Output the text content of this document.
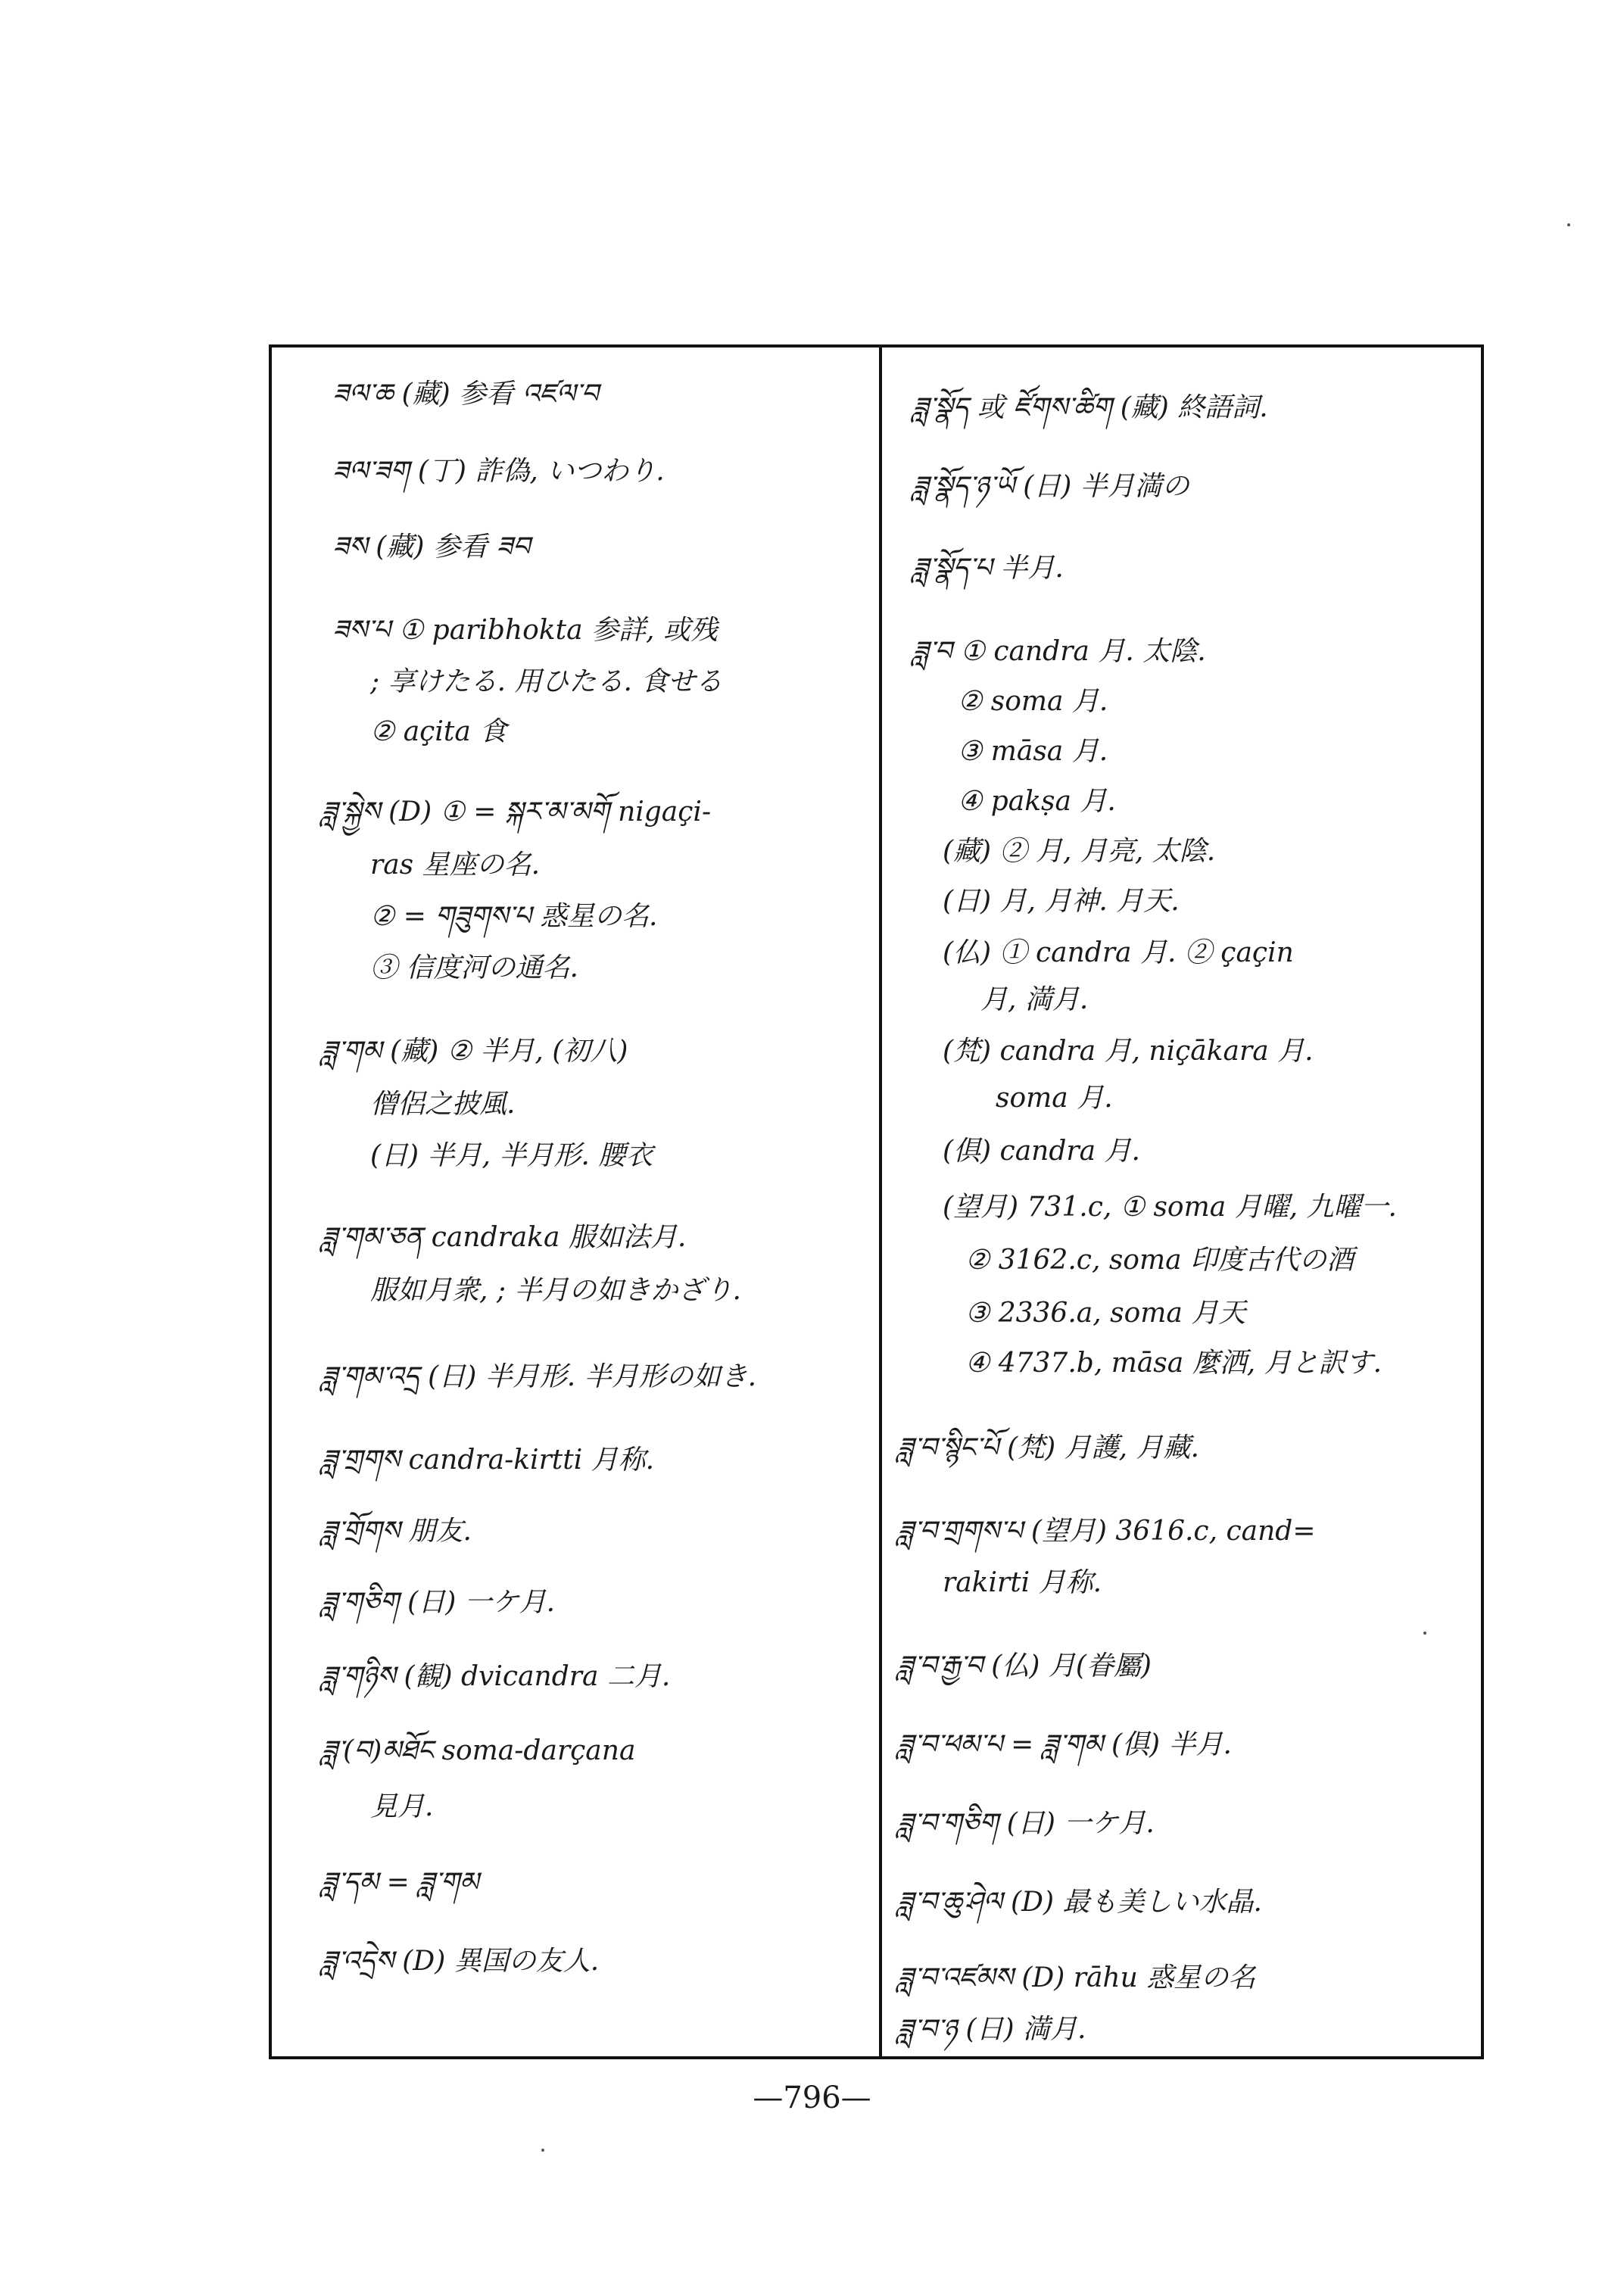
ཟལ་ཆ (藏) 参看 འཛལ་བ
ཟལ་ཟག (丁) 詐偽, いつわり.
ཟས (藏) 参看 ཟབ
ཟས་པ ① paribhokta 参詳, 或残
; 享けたる. 用ひたる. 食せる
② açita 食
ཟླ་སྐྱེས (D) ① = སྐར་མ་མགོ nigaçi-
ras 星座の名.
② = གཟུགས་པ 惑星の名.
③ 信度河の通名.
ཟླ་གམ (藏) ② 半月, (初八)
僧侶之披風.
(日) 半月, 半月形. 腰衣
ཟླ་གམ་ཅན candraka 服如法月.
服如月衆, ; 半月の如きかざり.
ཟླ་གམ་འདྲ (日) 半月形. 半月形の如き.
ཟླ་གྲགས candra-kirtti 月称.
ཟླ་གྲོགས 朋友.
ཟླ་གཅིག (日) 一ケ月.
ཟླ་གཉིས (観) dvicandra 二月.
ཟླ་(བ)མཐོང soma-darçana
見月.
ཟླ་དམ = ཟླ་གམ
ཟླ་འདྲེས (D) 異国の友人.
ཟླ་སྣོད 或 ཛོགས་ཚིག (藏) 終語詞.
ཟླ་སྣོད་ཉ་ཡོ (日) 半月満の
ཟླ་སྣོད་པ 半月.
ཟླ་བ ① candra 月. 太陰.
② soma 月.
③ māsa 月.
④ pakṣa 月.
(藏) ② 月, 月亮, 太陰.
(日) 月, 月神. 月天.
(仏) ① candra 月. ② çaçin
月, 満月.
(梵) candra 月, niçākara 月.
soma 月.
(俱) candra 月.
(望月) 731.c, ① soma 月曜, 九曜一.
② 3162.c, soma 印度古代の酒
③ 2336.a, soma 月天
④ 4737.b, māsa 麼洒, 月と訳す.
ཟླ་བ་སྙིང་པོ (梵) 月護, 月藏.
ཟླ་བ་གྲགས་པ (望月) 3616.c, cand=
rakirti 月称.
ཟླ་བ་རྒྱ་བ (仏) 月(眷屬)
ཟླ་བ་ཕམ་པ = ཟླ་གམ (俱) 半月.
ཟླ་བ་གཅིག (日) 一ケ月.
ཟླ་བ་ཆུ་ཤེལ (D) 最も美しい水晶.
ཟླ་བ་འཛམས (D) rāhu 惑星の名
ཟླ་བ་ཉ (日) 満月.
—796—
